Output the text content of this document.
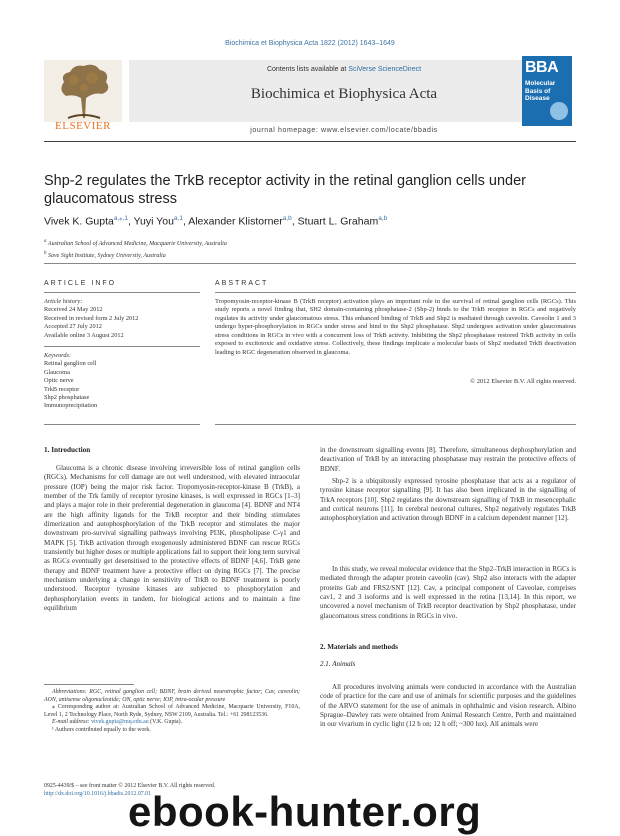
Biochimica et Biophysica Acta 1822 (2012) 1643–1649
ELSEVIER
Contents lists available at SciVerse ScienceDirect
Biochimica et Biophysica Acta
journal homepage: www.elsevier.com/locate/bbadis
BBA
Molecular
Basis of
Disease
Shp-2 regulates the TrkB receptor activity in the retinal ganglion cells under glaucomatous stress
Vivek K. Gupta$^{a,⁎,1}$, Yuyi You$^{a,1}$, Alexander Klistorner$^{a,b}$, Stuart L. Graham$^{a,b}$
$^a$ Australian School of Advanced Medicine, Macquarie University, Australia
$^b$ Save Sight Institute, Sydney University, Australia
ARTICLE INFO	ABSTRACT
Article history:
Received 24 May 2012
Received in revised form 2 July 2012
Accepted 27 July 2012
Available online 3 August 2012
Keywords:
Retinal ganglion cell
Glaucoma
Optic nerve
TrkB receptor
Shp2 phosphatase
Immunoprecipitation
Tropomyosin-receptor-kinase B (TrkB receptor) activation plays an important role in the survival of retinal ganglion cells (RGCs). This study reports a novel finding that, SH2 domain-containing phosphatase-2 (Shp-2) binds to the TrkB receptor in RGCs and negatively regulates its activity under glaucomatous stress. This enhanced binding of TrkB and Shp2 is mediated through caveolin. Caveolin 1 and 3 undergo hyper-phosphorylation in RGCs under stress and bind to the Shp2 phosphatase. Shp2 undergoes activation under glaucomatous stress conditions in RGCs in vivo with a concurrent loss of TrkB activity. Inhibiting the Shp2 phosphatase restored TrkB activity in cells exposed to excitotoxic and oxidative stress. Collectively, these findings implicate a molecular basis of Shp2 mediated TrkB deactivation leading to RGC degeneration observed in glaucoma.
© 2012 Elsevier B.V. All rights reserved.
1. Introduction
Glaucoma is a chronic disease involving irreversible loss of retinal ganglion cells (RGCs). Mechanisms for cell damage are not well understood, with elevated intraocular pressure (IOP) being the major risk factor. Tropomyosin-receptor-kinase B (TrkB), a member of the Trk family of receptor tyrosine kinases, is well expressed in RGCs [1–3] and plays a major role in their preferential degeneration in glaucoma [4]. BDNF and NT4 are the high affinity ligands for the TrkB receptor and their binding stimulates dimerization and autophosphorylation of the TrkB receptor and stimulates the major downstream pro-survival signalling pathways involving PI3K, phospholipase C-γ1 and MAPK [5]. TrkB activation through exogenously administered BDNF can rescue RGCs transiently but higher doses or multiple applications fail to support their long term survival as RGCs eventually get desensitised to the protective effects of BDNF [4,6]. TrkB gene therapy and BDNF treatment have a protective effect on dying RGCs [7]. The precise mechanism underlying a change in sensitivity of TrkB to BDNF treatment is poorly understood. Receptor tyrosine kinases are subjected to phosphorylation and dephosphorylation events in tandem, for biological actions and to maintain a fine equilibrium
Abbreviations: RGC, retinal ganglion cell; BDNF, brain derived neurotrophic factor; Cav, caveolin; AON, antisense oligonucleotide; ON, optic nerve; IOP, intra-ocular pressure
⁎ Corresponding author at: Australian School of Advanced Medicine, Macquarie University, F10A, Level 1, 2 Technology Place, North Ryde, Sydney, NSW 2109, Australia. Tel.: +61 298123536.
E-mail address: vivek.gupta@mq.edu.au (V.K. Gupta).
¹ Authors contributed equally to the work.
0925-4439/$ – see front matter © 2012 Elsevier B.V. All rights reserved.
http://dx.doi.org/10.1016/j.bbadis.2012.07.01
in the downstream signalling events [8]. Therefore, simultaneous dephosphorylation and deactivation of TrkB by an interacting phosphatase may restrain the protective effects of BDNF.
Shp-2 is a ubiquitously expressed tyrosine phosphatase that acts as a regulator of tyrosine kinase receptor signalling [9]. It has also been implicated in the signalling of TrkA receptors [10]. Shp2 regulates the downstream signalling of TrkB in mesencephalic and cortical neurons [11]. In cerebral neuronal cultures, Shp2 negatively regulates TrkB autophosphorylation and activation through BDNF in a calcium dependent manner [12].
In this study, we reveal molecular evidence that the Shp2–TrkB interaction in RGCs is mediated through the adapter protein caveolin (cav). Shp2 also interacts with the adapter proteins Gab and FRS2/SNT [12]. Cav, a principal component of Caveolae, comprises cav1, 2 and 3 isoforms and is well expressed in the retina [13,14]. In this report, we uncovered a novel mechanism of TrkB receptor deactivation by Shp2 phosphatase, under glaucomatous stress conditions in RGCs in vivo.
2. Materials and methods
2.1. Animals
All procedures involving animals were conducted in accordance with the Australian code of practice for the care and use of animals for scientific purposes and the guidelines of the ARVO statement for the use of animals in ophthalmic and vision research. Albino Sprague–Dawley rats were obtained from Animal Research Centre, Perth and maintained in our vivarium in cyclic light (12 h on; 12 h off; ~300 lux). All animals were
ebook-hunter.org
